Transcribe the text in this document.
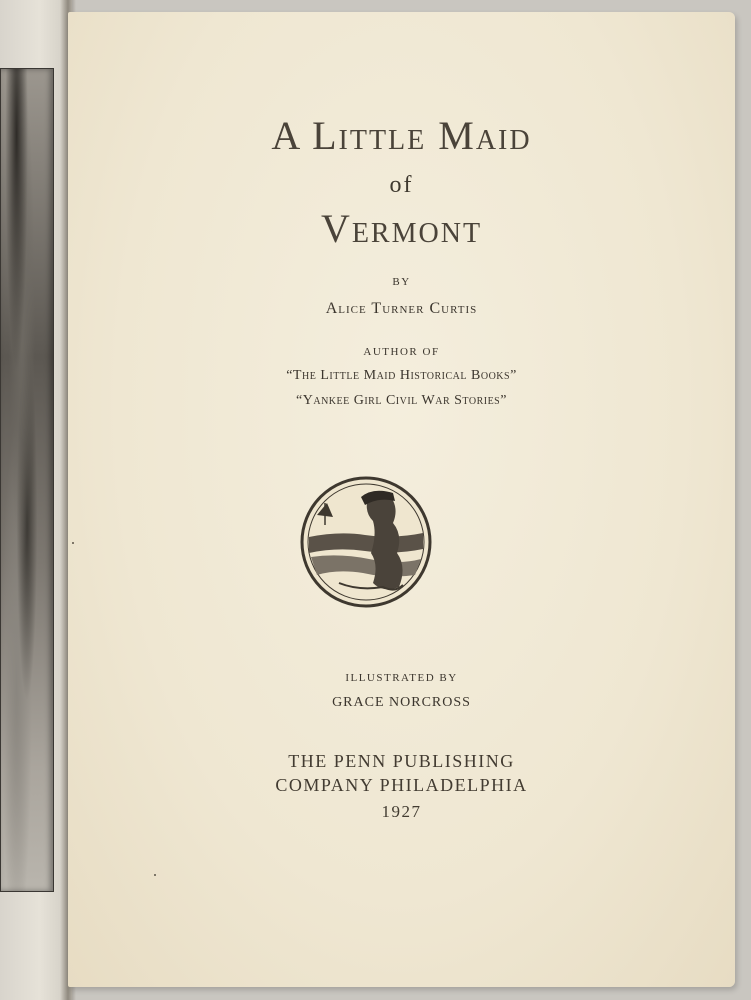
A Little Maid
of
Vermont
BY
Alice Turner Curtis
AUTHOR OF
“The Little Maid Historical Books”
“Yankee Girl Civil War Stories”
ILLUSTRATED BY
GRACE NORCROSS
THE PENN PUBLISHING
COMPANY PHILADELPHIA
1927
